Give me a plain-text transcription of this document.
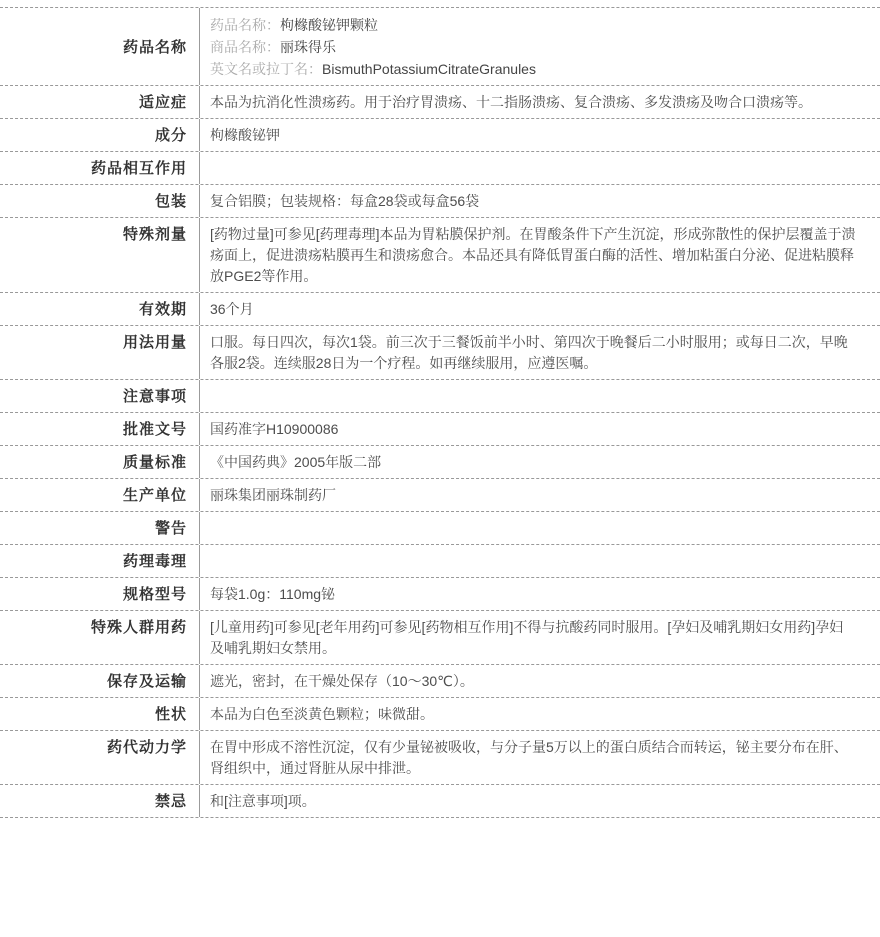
药品名称
药品名称：枸橼酸铋钾颗粒
商品名称：丽珠得乐
英文名或拉丁名：BismuthPotassiumCitrateGranules
适应症	本品为抗消化性溃疡药。用于治疗胃溃疡、十二指肠溃疡、复合溃疡、多发溃疡及吻合口溃疡等。
成分	枸橼酸铋钾
药品相互作用
包装	复合铝膜；包装规格：每盒28袋或每盒56袋
特殊剂量	[药物过量]可参见[药理毒理]本品为胃粘膜保护剂。在胃酸条件下产生沉淀，形成弥散性的保护层覆盖于溃疡面上，促进溃疡粘膜再生和溃疡愈合。本品还具有降低胃蛋白酶的活性、增加粘蛋白分泌、促进粘膜释放PGE2等作用。
有效期	36个月
用法用量	口服。每日四次，每次1袋。前三次于三餐饭前半小时、第四次于晚餐后二小时服用；或每日二次，早晚各服2袋。连续服28日为一个疗程。如再继续服用，应遵医嘱。
注意事项
批准文号	国药准字H10900086
质量标准	《中国药典》2005年版二部
生产单位	丽珠集团丽珠制药厂
警告
药理毒理
规格型号	每袋1.0g：110mg铋
特殊人群用药	[儿童用药]可参见[老年用药]可参见[药物相互作用]不得与抗酸药同时服用。[孕妇及哺乳期妇女用药]孕妇及哺乳期妇女禁用。
保存及运输	遮光，密封，在干燥处保存（10～30℃）。
性状	本品为白色至淡黄色颗粒；味微甜。
药代动力学	在胃中形成不溶性沉淀，仅有少量铋被吸收，与分子量5万以上的蛋白质结合而转运，铋主要分布在肝、肾组织中，通过肾脏从尿中排泄。
禁忌	和[注意事项]项。
